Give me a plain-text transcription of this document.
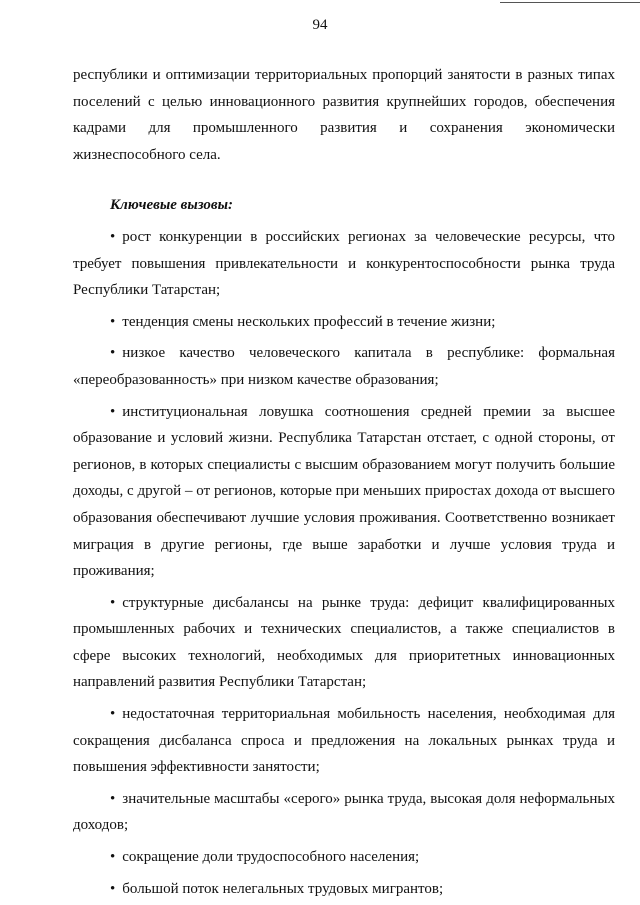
94

республики и оптимизации территориальных пропорций занятости в разных типах поселений с целью инновационного развития крупнейших городов, обеспечения кадрами для промышленного развития и сохранения экономически жизнеспособного села.

Ключевые вызовы:

• рост конкуренции в российских регионах за человеческие ресурсы, что требует повышения привлекательности и конкурентоспособности рынка труда Республики Татарстан;

• тенденция смены нескольких профессий в течение жизни;

• низкое качество человеческого капитала в республике: формальная «переобразованность» при низком качестве образования;

• институциональная ловушка соотношения средней премии за высшее образование и условий жизни. Республика Татарстан отстает, с одной стороны, от регионов, в которых специалисты с высшим образованием могут получить большие доходы, с другой – от регионов, которые при меньших приростах дохода от высшего образования обеспечивают лучшие условия проживания. Соответственно возникает миграция в другие регионы, где выше заработки и лучше условия труда и проживания;

• структурные дисбалансы на рынке труда: дефицит квалифицированных промышленных рабочих и технических специалистов, а также специалистов в сфере высоких технологий, необходимых для приоритетных инновационных направлений развития Республики Татарстан;

• недостаточная территориальная мобильность населения, необходимая для сокращения дисбаланса спроса и предложения на локальных рынках труда и повышения эффективности занятости;

• значительные масштабы «серого» рынка труда, высокая доля неформальных доходов;

• сокращение доли трудоспособного населения;

• большой поток нелегальных трудовых мигрантов;
